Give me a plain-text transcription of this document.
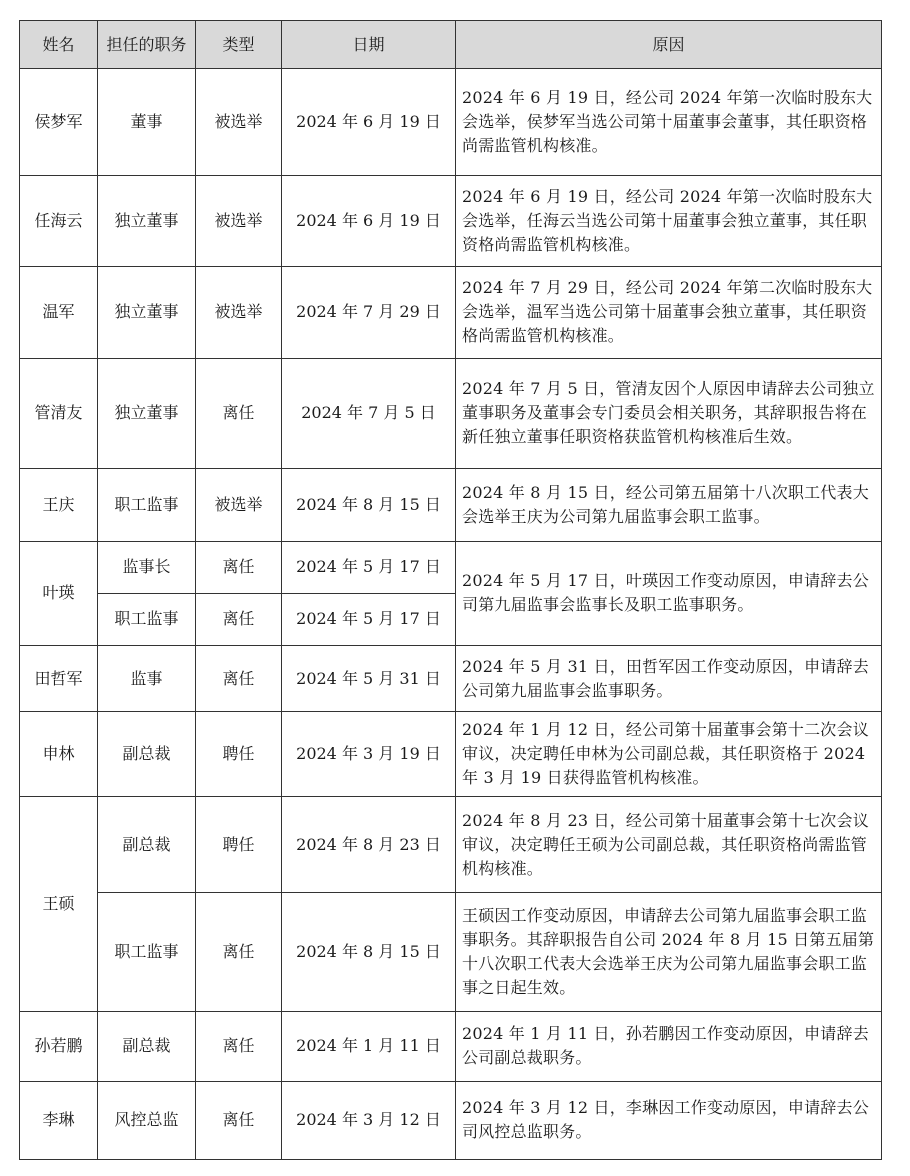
姓名	担任的职务	类型	日期	原因
侯梦军	董事	被选举	2024 年 6 月 19 日	2024 年 6 月 19 日，经公司 2024 年第一次临时股东大会选举，侯梦军当选公司第十届董事会董事，其任职资格尚需监管机构核准。
任海云	独立董事	被选举	2024 年 6 月 19 日	2024 年 6 月 19 日，经公司 2024 年第一次临时股东大会选举，任海云当选公司第十届董事会独立董事，其任职资格尚需监管机构核准。
温军	独立董事	被选举	2024 年 7 月 29 日	2024 年 7 月 29 日，经公司 2024 年第二次临时股东大会选举，温军当选公司第十届董事会独立董事，其任职资格尚需监管机构核准。
管清友	独立董事	离任	2024 年 7 月 5 日	2024 年 7 月 5 日，管清友因个人原因申请辞去公司独立董事职务及董事会专门委员会相关职务，其辞职报告将在新任独立董事任职资格获监管机构核准后生效。
王庆	职工监事	被选举	2024 年 8 月 15 日	2024 年 8 月 15 日，经公司第五届第十八次职工代表大会选举王庆为公司第九届监事会职工监事。
叶瑛	监事长	离任	2024 年 5 月 17 日	2024 年 5 月 17 日，叶瑛因工作变动原因，申请辞去公司第九届监事会监事长及职工监事职务。
	职工监事	离任	2024 年 5 月 17 日	
田哲军	监事	离任	2024 年 5 月 31 日	2024 年 5 月 31 日，田哲军因工作变动原因，申请辞去公司第九届监事会监事职务。
申林	副总裁	聘任	2024 年 3 月 19 日	2024 年 1 月 12 日，经公司第十届董事会第十二次会议审议，决定聘任申林为公司副总裁，其任职资格于 2024 年 3 月 19 日获得监管机构核准。
王硕	副总裁	聘任	2024 年 8 月 23 日	2024 年 8 月 23 日，经公司第十届董事会第十七次会议审议，决定聘任王硕为公司副总裁，其任职资格尚需监管机构核准。
	职工监事	离任	2024 年 8 月 15 日	王硕因工作变动原因，申请辞去公司第九届监事会职工监事职务。其辞职报告自公司 2024 年 8 月 15 日第五届第十八次职工代表大会选举王庆为公司第九届监事会职工监事之日起生效。
孙若鹏	副总裁	离任	2024 年 1 月 11 日	2024 年 1 月 11 日，孙若鹏因工作变动原因，申请辞去公司副总裁职务。
李琳	风控总监	离任	2024 年 3 月 12 日	2024 年 3 月 12 日，李琳因工作变动原因，申请辞去公司风控总监职务。
